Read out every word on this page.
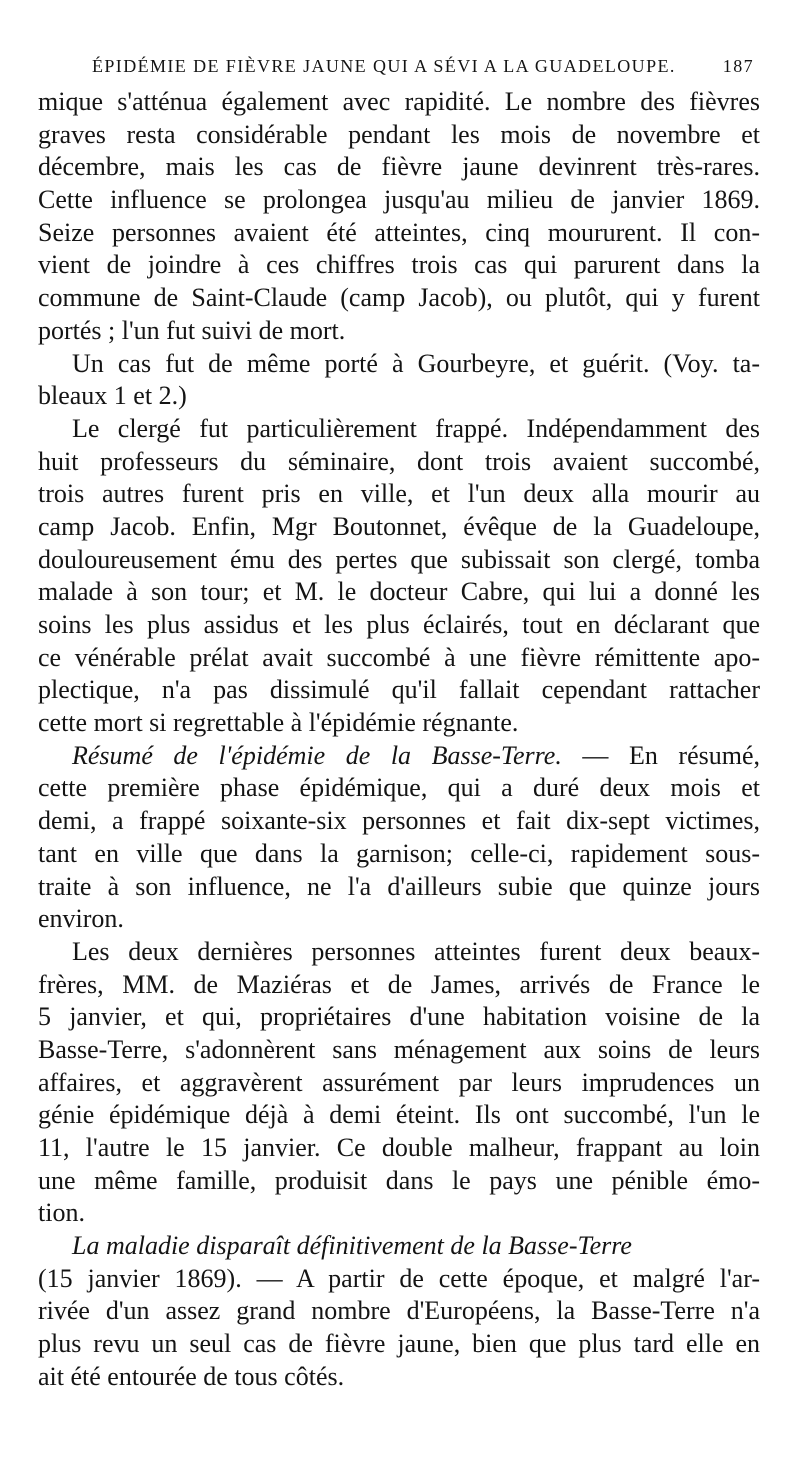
ÉPIDÉMIE DE FIÈVRE JAUNE QUI A SÉVI A LA GUADELOUPE.	187
mique s'atténua également avec rapidité. Le nombre des fièvres
graves resta considérable pendant les mois de novembre et
décembre, mais les cas de fièvre jaune devinrent très-rares.
Cette influence se prolongea jusqu'au milieu de janvier 1869.
Seize personnes avaient été atteintes, cinq moururent. Il con-
vient de joindre à ces chiffres trois cas qui parurent dans la
commune de Saint-Claude (camp Jacob), ou plutôt, qui y furent
portés ; l'un fut suivi de mort.
Un cas fut de même porté à Gourbeyre, et guérit. (Voy. ta-
bleaux 1 et 2.)
Le clergé fut particulièrement frappé. Indépendamment des
huit professeurs du séminaire, dont trois avaient succombé,
trois autres furent pris en ville, et l'un deux alla mourir au
camp Jacob. Enfin, Mgr Boutonnet, évêque de la Guadeloupe,
douloureusement ému des pertes que subissait son clergé, tomba
malade à son tour; et M. le docteur Cabre, qui lui a donné les
soins les plus assidus et les plus éclairés, tout en déclarant que
ce vénérable prélat avait succombé à une fièvre rémittente apo-
plectique, n'a pas dissimulé qu'il fallait cependant rattacher
cette mort si regrettable à l'épidémie régnante.
Résumé de l'épidémie de la Basse-Terre. — En résumé,
cette première phase épidémique, qui a duré deux mois et
demi, a frappé soixante-six personnes et fait dix-sept victimes,
tant en ville que dans la garnison; celle-ci, rapidement sous-
traite à son influence, ne l'a d'ailleurs subie que quinze jours
environ.
Les deux dernières personnes atteintes furent deux beaux-
frères, MM. de Maziéras et de James, arrivés de France le
5 janvier, et qui, propriétaires d'une habitation voisine de la
Basse-Terre, s'adonnèrent sans ménagement aux soins de leurs
affaires, et aggravèrent assurément par leurs imprudences un
génie épidémique déjà à demi éteint. Ils ont succombé, l'un le
11, l'autre le 15 janvier. Ce double malheur, frappant au loin
une même famille, produisit dans le pays une pénible émo-
tion.
La maladie disparaît définitivement de la Basse-Terre
(15 janvier 1869). — A partir de cette époque, et malgré l'ar-
rivée d'un assez grand nombre d'Européens, la Basse-Terre n'a
plus revu un seul cas de fièvre jaune, bien que plus tard elle en
ait été entourée de tous côtés.
